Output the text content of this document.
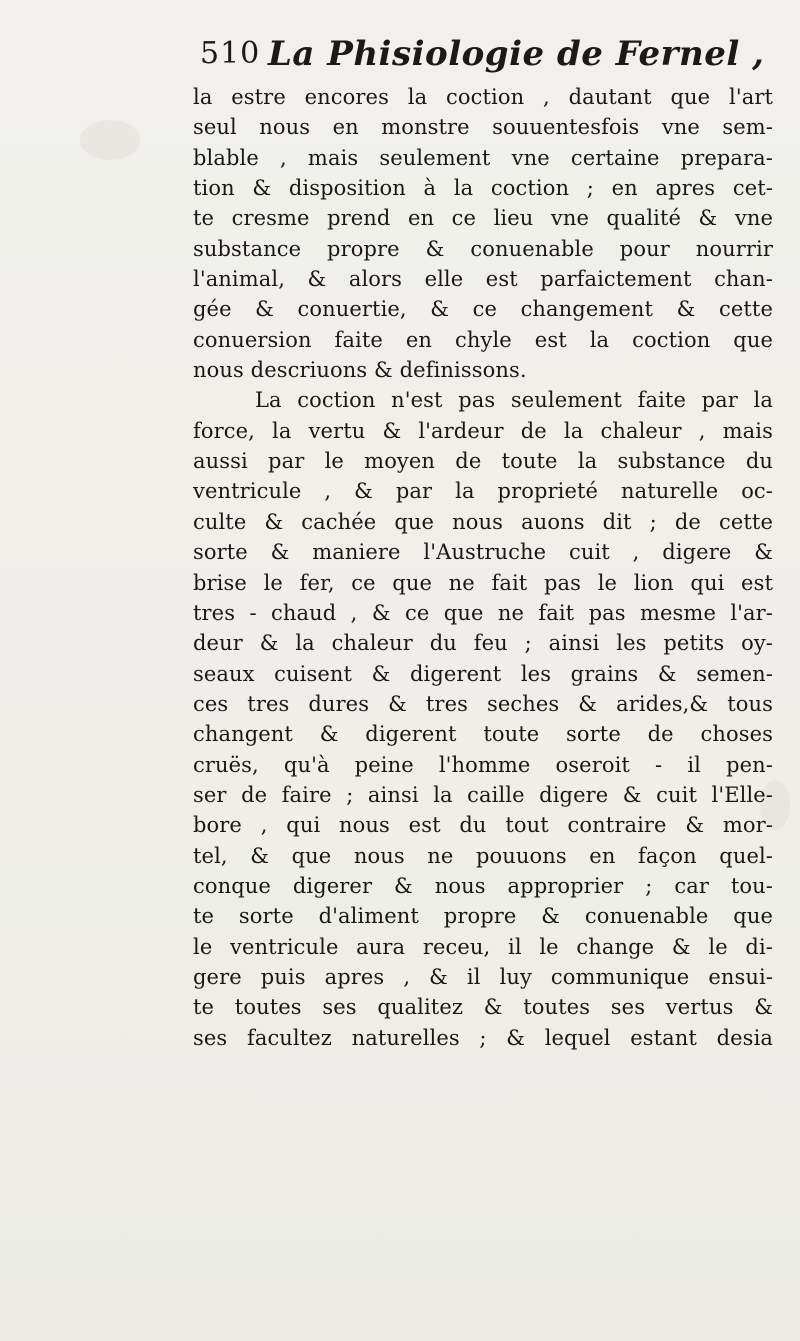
510 La Phisiologie de Fernel ,
la estre encores la coction , dautant que l'art
seul nous en monstre souuentesfois vne sem-
blable , mais seulement vne certaine prepara-
tion & disposition à la coction ; en apres cet-
te cresme prend en ce lieu vne qualité & vne
substance propre & conuenable pour nourrir
l'animal, & alors elle est parfaictement chan-
gée & conuertie, & ce changement & cette
conuersion faite en chyle est la coction que
nous descriuons & definissons.
La coction n'est pas seulement faite par la
force, la vertu & l'ardeur de la chaleur , mais
aussi par le moyen de toute la substance du
ventricule , & par la proprieté naturelle oc-
culte & cachée que nous auons dit ; de cette
sorte & maniere l'Austruche cuit , digere &
brise le fer, ce que ne fait pas le lion qui est
tres - chaud , & ce que ne fait pas mesme l'ar-
deur & la chaleur du feu ; ainsi les petits oy-
seaux cuisent & digerent les grains & semen-
ces tres dures & tres seches & arides,& tous
changent & digerent toute sorte de choses
cruës, qu'à peine l'homme oseroit - il pen-
ser de faire ; ainsi la caille digere & cuit l'Elle-
bore , qui nous est du tout contraire & mor-
tel, & que nous ne pouuons en façon quel-
conque digerer & nous approprier ; car tou-
te sorte d'aliment propre & conuenable que
le ventricule aura receu, il le change & le di-
gere puis apres , & il luy communique ensui-
te toutes ses qualitez & toutes ses vertus &
ses facultez naturelles ; & lequel estant desia
